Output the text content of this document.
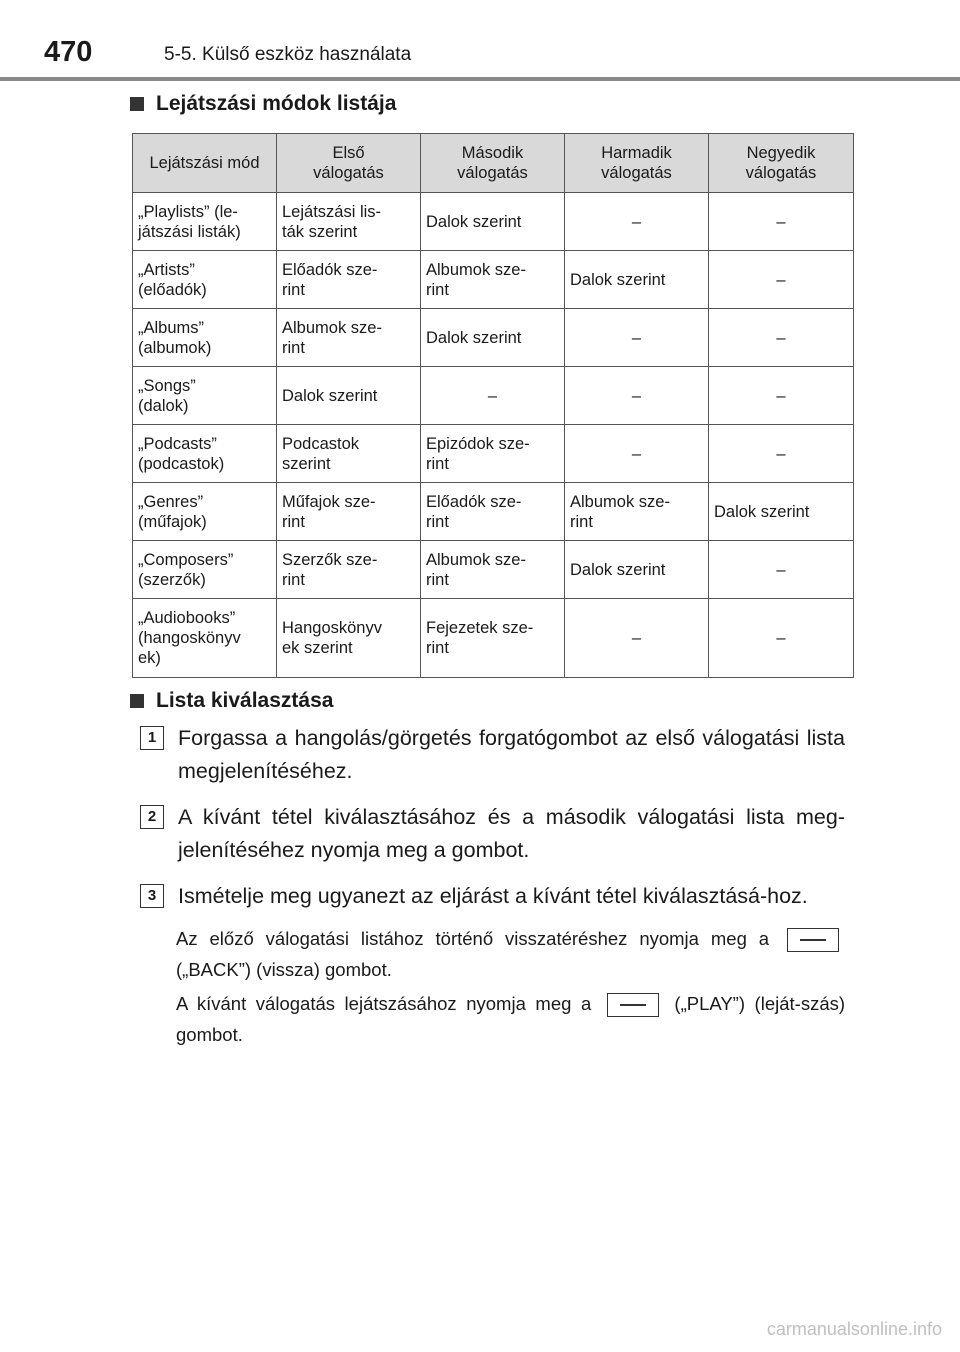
470	5-5. Külső eszköz használata
Lejátszási módok listája
Lejátszási mód	Első
válogatás	Második
válogatás	Harmadik
válogatás	Negyedik
válogatás
„Playlists” (le-
játszási listák)	Lejátszási lis-
ták szerint	Dalok szerint	–	–
„Artists”
(előadók)	Előadók sze-
rint	Albumok sze-
rint	Dalok szerint	–
„Albums”
(albumok)	Albumok sze-
rint	Dalok szerint	–	–
„Songs”
(dalok)	Dalok szerint	–	–	–
„Podcasts”
(podcastok)	Podcastok
szerint	Epizódok sze-
rint	–	–
„Genres”
(műfajok)	Műfajok sze-
rint	Előadók sze-
rint	Albumok sze-
rint	Dalok szerint
„Composers”
(szerzők)	Szerzők sze-
rint	Albumok sze-
rint	Dalok szerint	–
„Audiobooks”
(hangoskönyv
ek)	Hangoskönyv
ek szerint	Fejezetek sze-
rint	–	–
Lista kiválasztása
1	Forgassa a hangolás/görgetés forgatógombot az első válogatási lista megjelenítéséhez.
2	A kívánt tétel kiválasztásához és a második válogatási lista meg-jelenítéséhez nyomja meg a gombot.
3	Ismételje meg ugyanezt az eljárást a kívánt tétel kiválasztásá-hoz.
Az előző válogatási listához történő visszatéréshez nyomja meg a  („BACK”) (vissza) gombot.
A kívánt válogatás lejátszásához nyomja meg a	(„PLAY”) (leját-szás) gombot.
carmanualsonline.info
